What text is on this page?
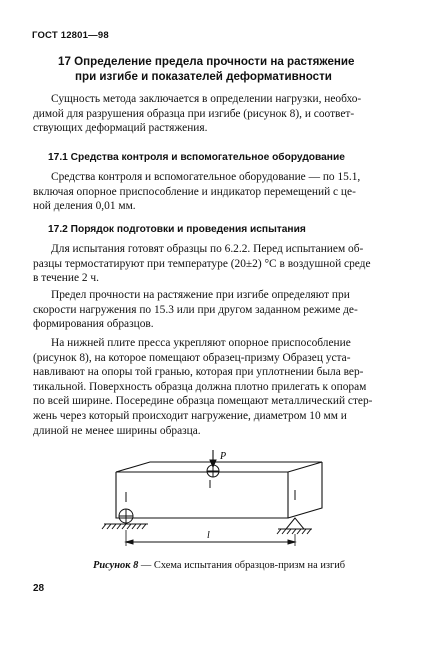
ГОСТ 12801—98
17 Определение предела прочности на растяжение
при изгибе и показателей деформативности
Сущность метода заключается в определении нагрузки, необхо-
димой для разрушения образца при изгибе (рисунок 8), и соответ-
ствующих деформаций растяжения.
17.1 Средства контроля и вспомогательное оборудование
Средства контроля и вспомогательное оборудование — по 15.1,
включая опорное приспособление и индикатор перемещений с це-
ной деления 0,01 мм.
17.2 Порядок подготовки и проведения испытания
Для испытания готовят образцы по 6.2.2. Перед испытанием об-
разцы термостатируют при температуре (20±2) °С в воздушной среде
в течение 2 ч.
Предел прочности на растяжение при изгибе определяют при
скорости нагружения по 15.3 или при другом заданном режиме де-
формирования образцов.
На нижней плите пресса укрепляют опорное приспособление
(рисунок 8), на которое помещают образец-призму Образец уста-
навливают на опоры той гранью, которая при уплотнении была вер-
тикальной. Поверхность образца должна плотно прилегать к опорам
по всей ширине. Посередине образца помещают металлический стер-
жень через который происходит нагружение, диаметром 10 мм и
длиной не менее ширины образца.
P
l
Рисунок 8 — Схема испытания образцов-призм на изгиб
28
